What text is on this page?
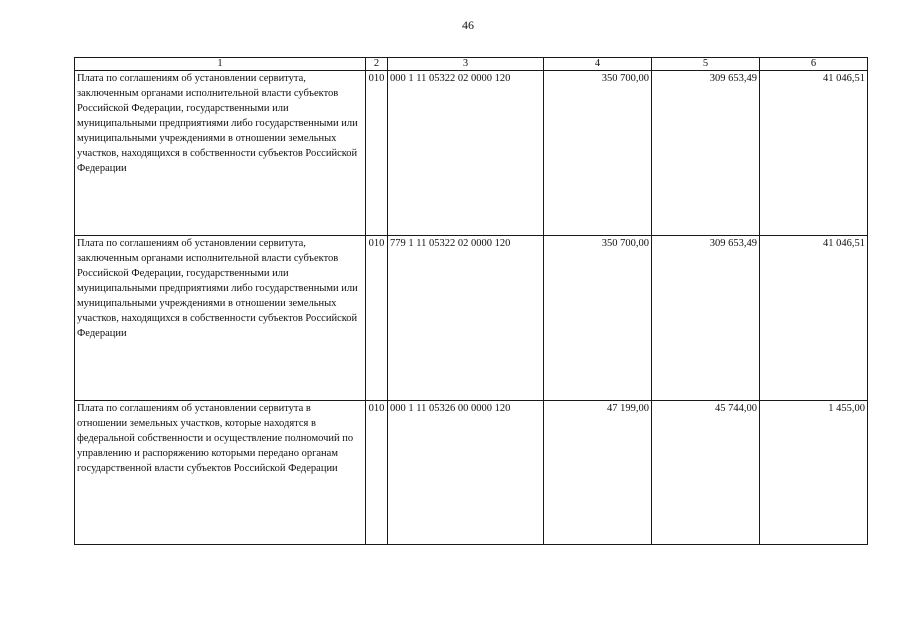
46
1	2	3	4	5	6
Плата по соглашениям об установлении сервитута, заключенным органами исполнительной власти субъектов Российской Федерации, государственными или муниципальными предприятиями либо государственными или муниципальными учреждениями в отношении земельных участков, находящихся в собственности субъектов Российской Федерации	010	000 1 11 05322 02 0000 120	350 700,00	309 653,49	41 046,51
Плата по соглашениям об установлении сервитута, заключенным органами исполнительной власти субъектов Российской Федерации, государственными или муниципальными предприятиями либо государственными или муниципальными учреждениями в отношении земельных участков, находящихся в собственности субъектов Российской Федерации	010	779 1 11 05322 02 0000 120	350 700,00	309 653,49	41 046,51
Плата по соглашениям об установлении сервитута в отношении земельных участков, которые находятся в федеральной собственности и осуществление полномочий по управлению и распоряжению которыми передано органам государственной власти субъектов Российской Федерации	010	000 1 11 05326 00 0000 120	47 199,00	45 744,00	1 455,00
